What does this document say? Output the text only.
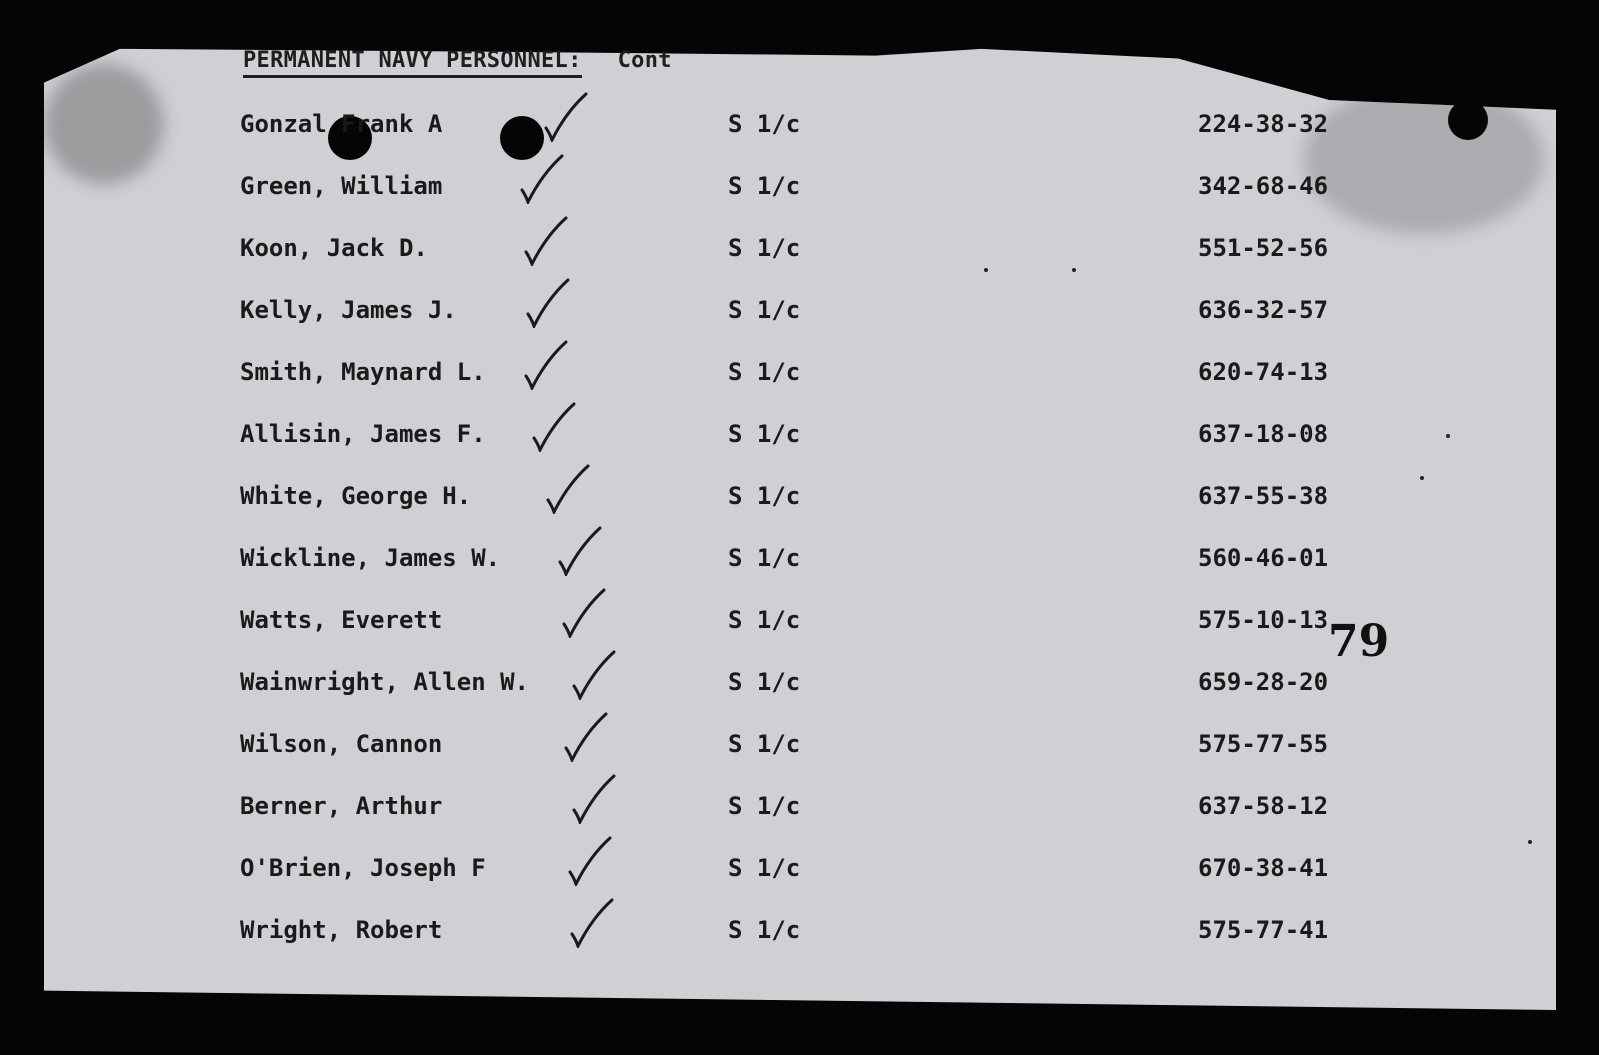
PERMANENT NAVY PERSONNEL: Cont
Gonzal Frank A	S 1/c	224-38-32
Green, William	S 1/c	342-68-46
Koon, Jack D.	S 1/c	551-52-56
Kelly, James J.	S 1/c	636-32-57
Smith, Maynard L.	S 1/c	620-74-13
Allisin, James F.	S 1/c	637-18-08
White, George H.	S 1/c	637-55-38
Wickline, James W.	S 1/c	560-46-01
Watts, Everett	S 1/c	575-10-13
Wainwright, Allen W.	S 1/c	659-28-20
Wilson, Cannon	S 1/c	575-77-55
Berner, Arthur	S 1/c	637-58-12
O'Brien, Joseph F	S 1/c	670-38-41
Wright, Robert	S 1/c	575-77-41
79
